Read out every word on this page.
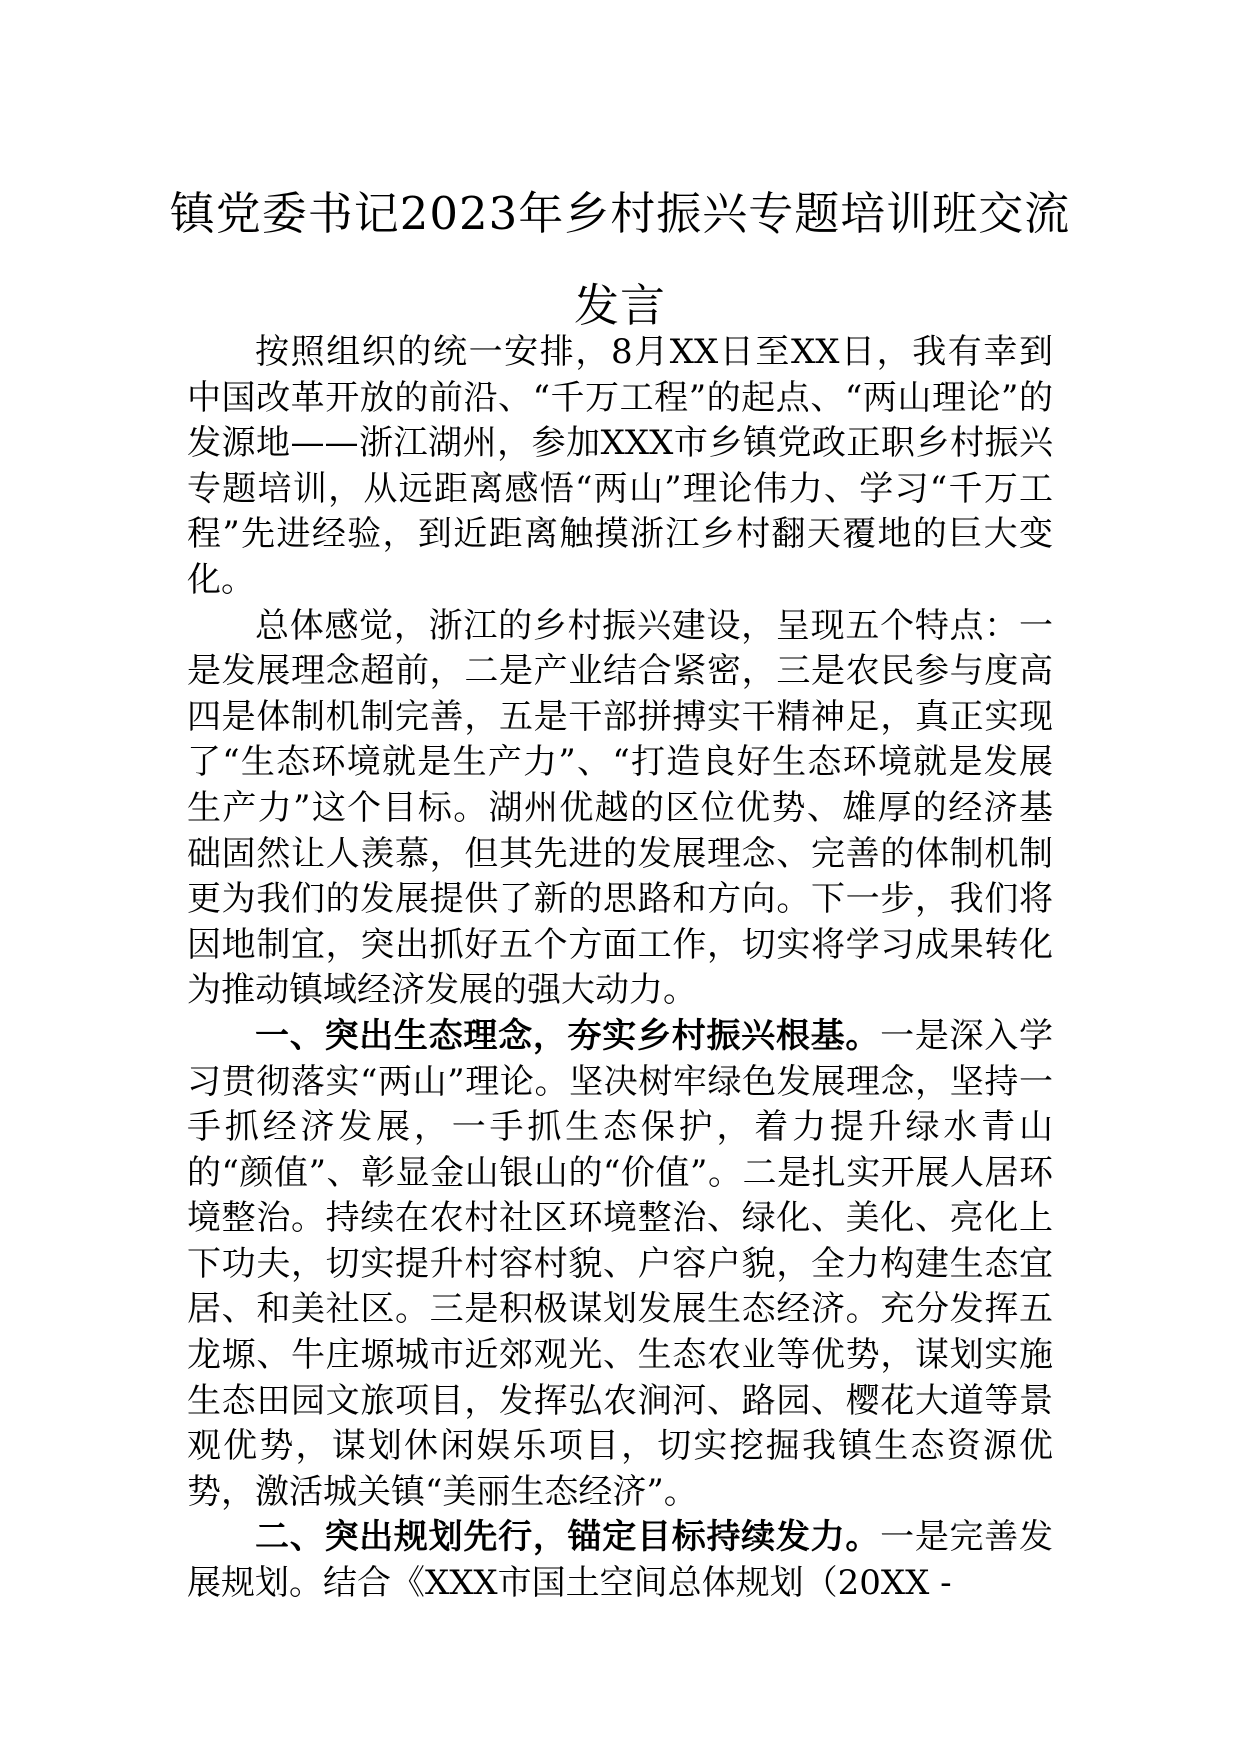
镇党委书记2023年乡村振兴专题培训班交流发言

按照组织的统一安排，8月XX日至XX日，我有幸到中国改革开放的前沿、“千万工程”的起点、“两山理论”的发源地——浙江湖州，参加XXX市乡镇党政正职乡村振兴专题培训，从远距离感悟“两山”理论伟力、学习“千万工程”先进经验，到近距离触摸浙江乡村翻天覆地的巨大变化。

总体感觉，浙江的乡村振兴建设，呈现五个特点：一是发展理念超前，二是产业结合紧密，三是农民参与度高四是体制机制完善，五是干部拼搏实干精神足，真正实现了“生态环境就是生产力”、“打造良好生态环境就是发展生产力”这个目标。湖州优越的区位优势、雄厚的经济基础固然让人羡慕，但其先进的发展理念、完善的体制机制更为我们的发展提供了新的思路和方向。下一步，我们将因地制宜，突出抓好五个方面工作，切实将学习成果转化为推动镇域经济发展的强大动力。

一、突出生态理念，夯实乡村振兴根基。一是深入学习贯彻落实“两山”理论。坚决树牢绿色发展理念，坚持一手抓经济发展，一手抓生态保护，着力提升绿水青山的“颜值”、彰显金山银山的“价值”。二是扎实开展人居环境整治。持续在农村社区环境整治、绿化、美化、亮化上下功夫，切实提升村容村貌、户容户貌，全力构建生态宜居、和美社区。三是积极谋划发展生态经济。充分发挥五龙塬、牛庄塬城市近郊观光、生态农业等优势，谋划实施生态田园文旅项目，发挥弘农涧河、路园、樱花大道等景观优势，谋划休闲娱乐项目，切实挖掘我镇生态资源优势，激活城关镇“美丽生态经济”。

二、突出规划先行，锚定目标持续发力。一是完善发展规划。结合《XXX市国土空间总体规划（20XX -
